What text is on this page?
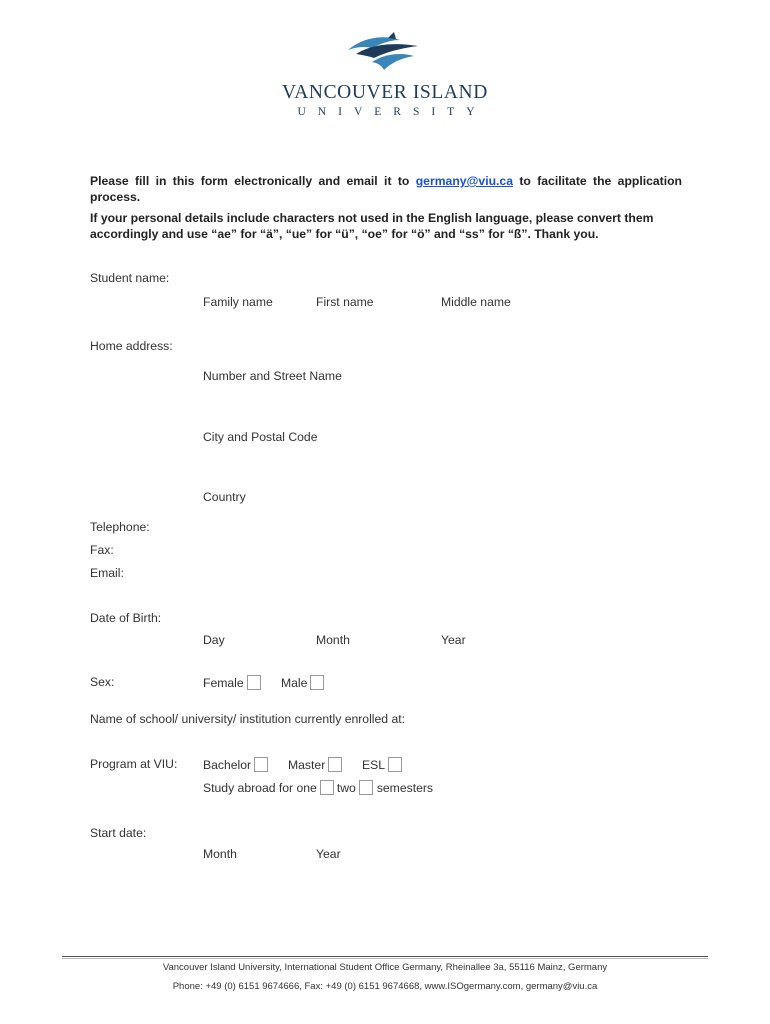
VANCOUVER ISLAND
UNIVERSITY
Please fill in this form electronically and email it to germany@viu.ca to facilitate the application process.
If your personal details include characters not used in the English language, please convert them accordingly and use “ae” for “ä”, “ue” for “ü”, “oe” for “ö” and “ss” for “ß”. Thank you.
Student name:
Family name	First name	Middle name
Home address:
Number and Street Name
City and Postal Code
Country
Telephone:
Fax:
Email:
Date of Birth:
Day	Month	Year
Sex:	Female	Male
Name of school/ university/ institution currently enrolled at:
Program at VIU: Bachelor	Master	ESL
Study abroad for one two semesters
Start date:
Month	Year
Vancouver Island University, International Student Office Germany, Rheinallee 3a, 55116 Mainz, Germany
Phone: +49 (0) 6151 9674666, Fax: +49 (0) 6151 9674668, www.ISOgermany.com, germany@viu.ca
